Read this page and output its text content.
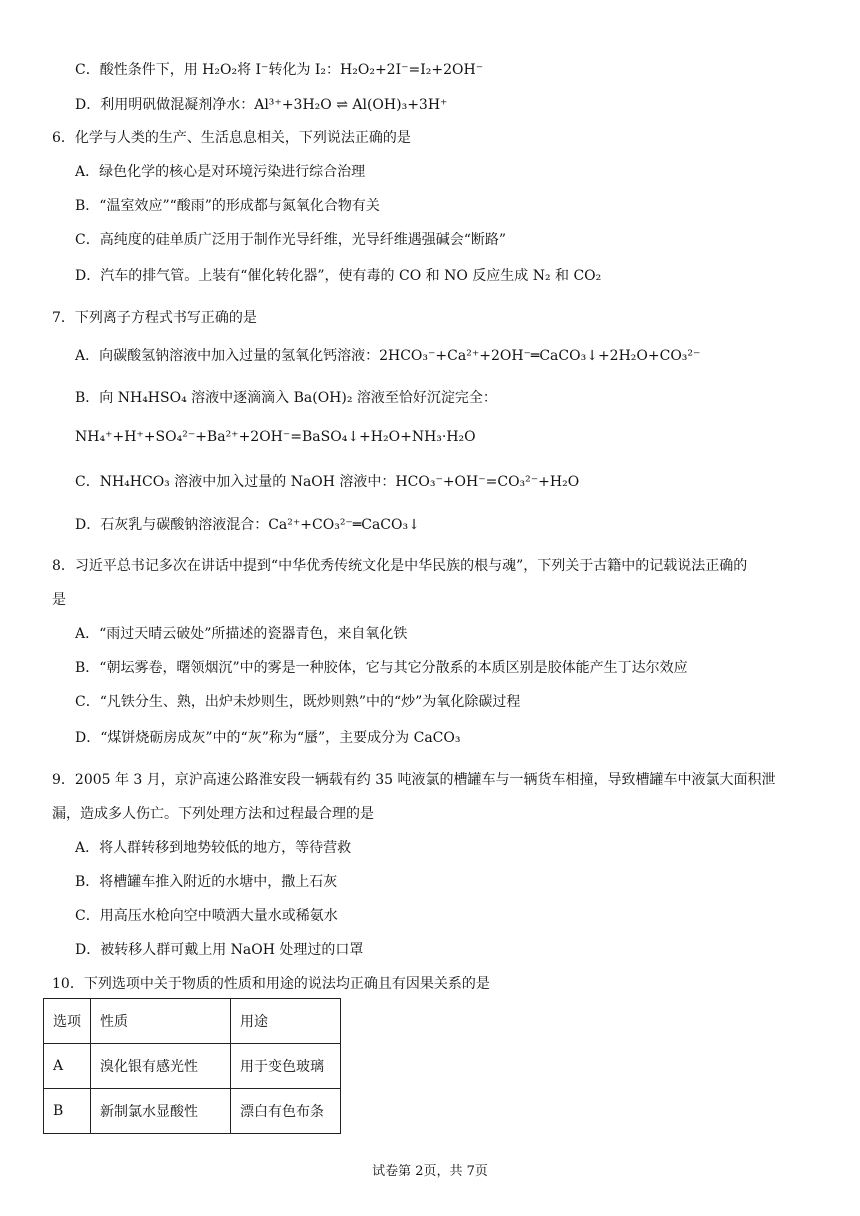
C．酸性条件下，用 H₂O₂将 I⁻转化为 I₂：H₂O₂+2I⁻=I₂+2OH⁻
D．利用明矾做混凝剂净水：Al³⁺+3H₂O ⇌ Al(OH)₃+3H⁺
6．化学与人类的生产、生活息息相关，下列说法正确的是
A．绿色化学的核心是对环境污染进行综合治理
B．“温室效应”“酸雨”的形成都与氮氧化合物有关
C．高纯度的硅单质广泛用于制作光导纤维，光导纤维遇强碱会“断路”
D．汽车的排气管。上装有“催化转化器”，使有毒的 CO 和 NO 反应生成 N₂ 和 CO₂
7．下列离子方程式书写正确的是
A．向碳酸氢钠溶液中加入过量的氢氧化钙溶液：2HCO₃⁻+Ca²⁺+2OH⁻═CaCO₃↓+2H₂O+CO₃²⁻
B．向 NH₄HSO₄ 溶液中逐滴滴入 Ba(OH)₂ 溶液至恰好沉淀完全：
NH₄⁺+H⁺+SO₄²⁻+Ba²⁺+2OH⁻=BaSO₄↓+H₂O+NH₃·H₂O
C．NH₄HCO₃ 溶液中加入过量的 NaOH 溶液中：HCO₃⁻+OH⁻=CO₃²⁻+H₂O
D．石灰乳与碳酸钠溶液混合：Ca²⁺+CO₃²⁻═CaCO₃↓
8．习近平总书记多次在讲话中提到“中华优秀传统文化是中华民族的根与魂”，下列关于古籍中的记载说法正确的
是
A．“雨过天晴云破处”所描述的瓷器青色，来自氧化铁
B．“朝坛雾卷，曙领烟沉”中的雾是一种胶体，它与其它分散系的本质区别是胶体能产生丁达尔效应
C．“凡铁分生、熟，出炉未炒则生，既炒则熟”中的“炒”为氧化除碳过程
D．“煤饼烧砺房成灰”中的“灰”称为“蜃”，主要成分为 CaCO₃
9．2005 年 3 月，京沪高速公路淮安段一辆载有约 35 吨液氯的槽罐车与一辆货车相撞，导致槽罐车中液氯大面积泄
漏，造成多人伤亡。下列处理方法和过程最合理的是
A．将人群转移到地势较低的地方，等待营救
B．将槽罐车推入附近的水塘中，撒上石灰
C．用高压水枪向空中喷洒大量水或稀氨水
D．被转移人群可戴上用 NaOH 处理过的口罩
10．下列选项中关于物质的性质和用途的说法均正确且有因果关系的是
选项	性质	用途
A	溴化银有感光性	用于变色玻璃
B	新制氯水显酸性	漂白有色布条
试卷第 2页，共 7页
